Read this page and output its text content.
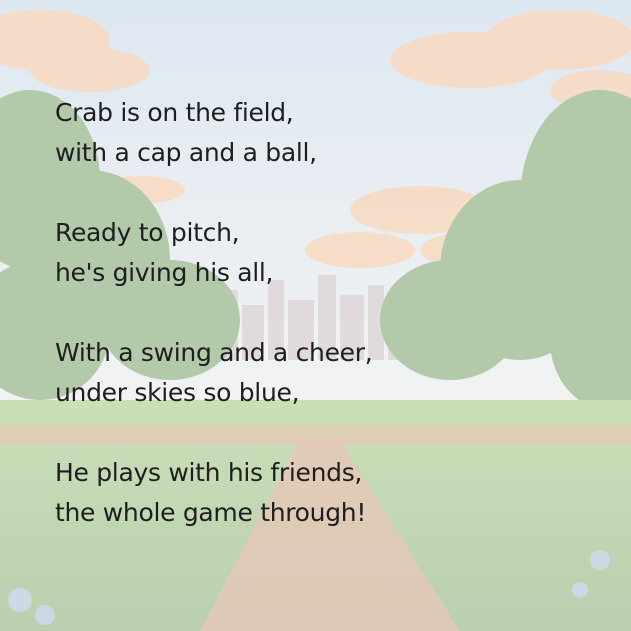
Crab is on the field,
with a cap and a ball,
Ready to pitch,
he's giving his all,
With a swing and a cheer,
under skies so blue,
He plays with his friends,
the whole game through!
